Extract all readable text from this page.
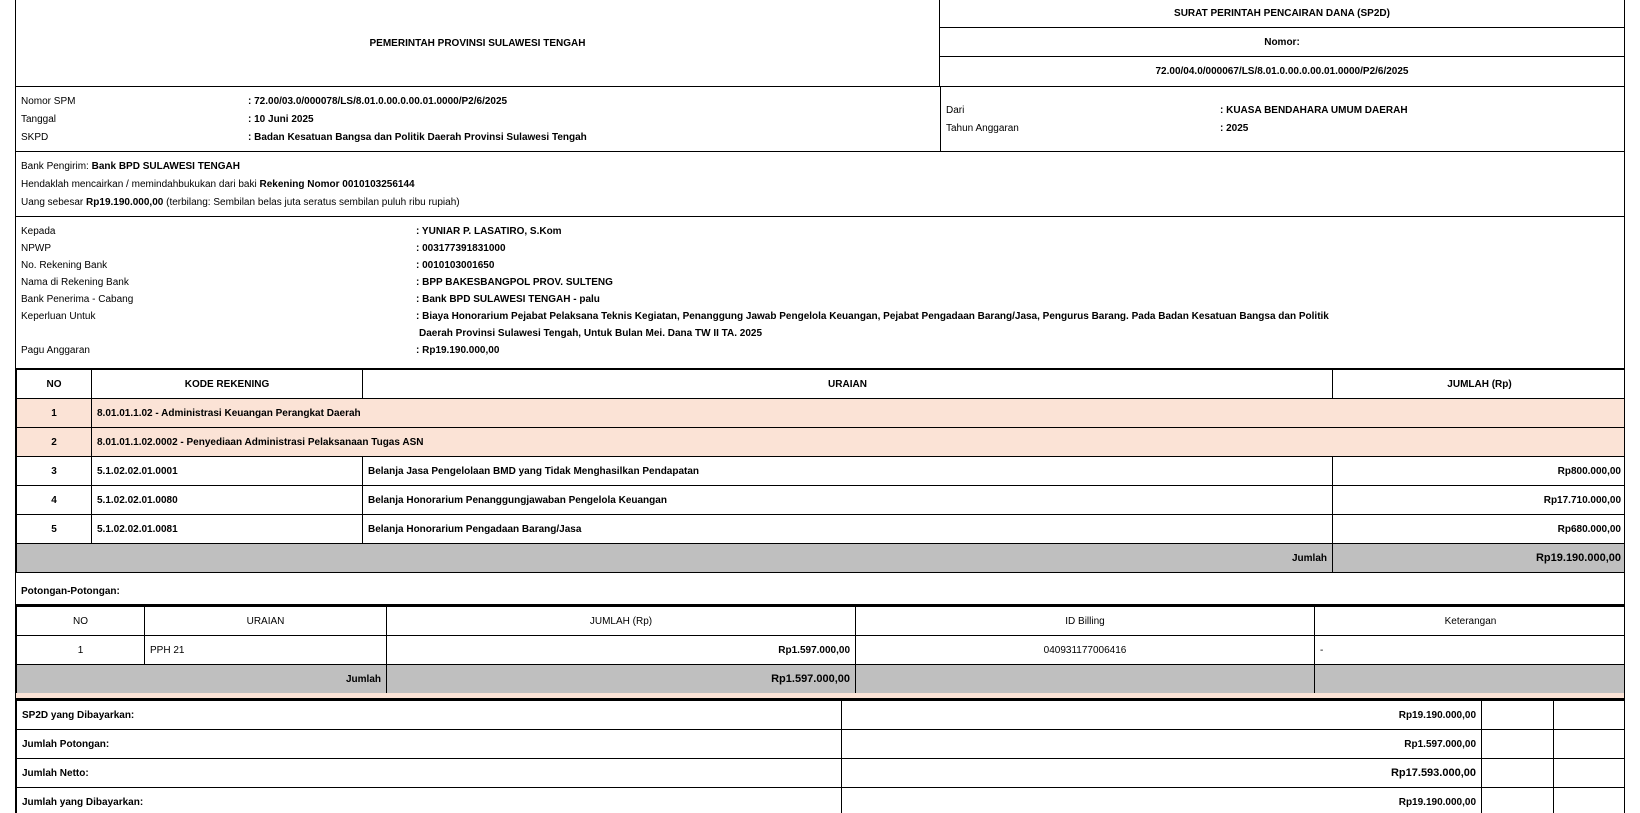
PEMERINTAH PROVINSI SULAWESI TENGAH
SURAT PERINTAH PENCAIRAN DANA (SP2D)
Nomor:
72.00/04.0/000067/LS/8.01.0.00.0.00.01.0000/P2/6/2025
Nomor SPM	: 72.00/03.0/000078/LS/8.01.0.00.0.00.01.0000/P2/6/2025
Tanggal	: 10 Juni 2025
SKPD	: Badan Kesatuan Bangsa dan Politik Daerah Provinsi Sulawesi Tengah
Dari	: KUASA BENDAHARA UMUM DAERAH
Tahun Anggaran	: 2025
Bank Pengirim: Bank BPD SULAWESI TENGAH
Hendaklah mencairkan / memindahbukukan dari baki Rekening Nomor 0010103256144
Uang sebesar Rp19.190.000,00 (terbilang: Sembilan belas juta seratus sembilan puluh ribu rupiah)
Kepada	: YUNIAR P. LASATIRO, S.Kom
NPWP	: 003177391831000
No. Rekening Bank	: 0010103001650
Nama di Rekening Bank	: BPP BAKESBANGPOL PROV. SULTENG
Bank Penerima - Cabang	: Bank BPD SULAWESI TENGAH - palu
Keperluan Untuk	: Biaya Honorarium Pejabat Pelaksana Teknis Kegiatan, Penanggung Jawab Pengelola Keuangan, Pejabat Pengadaan Barang/Jasa, Pengurus Barang. Pada Badan Kesatuan Bangsa dan Politik
Daerah Provinsi Sulawesi Tengah, Untuk Bulan Mei. Dana TW II TA. 2025
Pagu Anggaran	: Rp19.190.000,00
NO	KODE REKENING	URAIAN	JUMLAH (Rp)
1	8.01.01.1.02 - Administrasi Keuangan Perangkat Daerah		
2	8.01.01.1.02.0002 - Penyediaan Administrasi Pelaksanaan Tugas ASN		
3	5.1.02.02.01.0001	Belanja Jasa Pengelolaan BMD yang Tidak Menghasilkan Pendapatan	Rp800.000,00
4	5.1.02.02.01.0080	Belanja Honorarium Penanggungjawaban Pengelola Keuangan	Rp17.710.000,00
5	5.1.02.02.01.0081	Belanja Honorarium Pengadaan Barang/Jasa	Rp680.000,00
Jumlah			Rp19.190.000,00
Potongan-Potongan:
NO	URAIAN	JUMLAH (Rp)	ID Billing	Keterangan
1	PPH 21	Rp1.597.000,00	040931177006416	-
Jumlah		Rp1.597.000,00		
SP2D yang Dibayarkan:	Rp19.190.000,00		
Jumlah Potongan:	Rp1.597.000,00		
Jumlah Netto:	Rp17.593.000,00		
Jumlah yang Dibayarkan:	Rp19.190.000,00		
